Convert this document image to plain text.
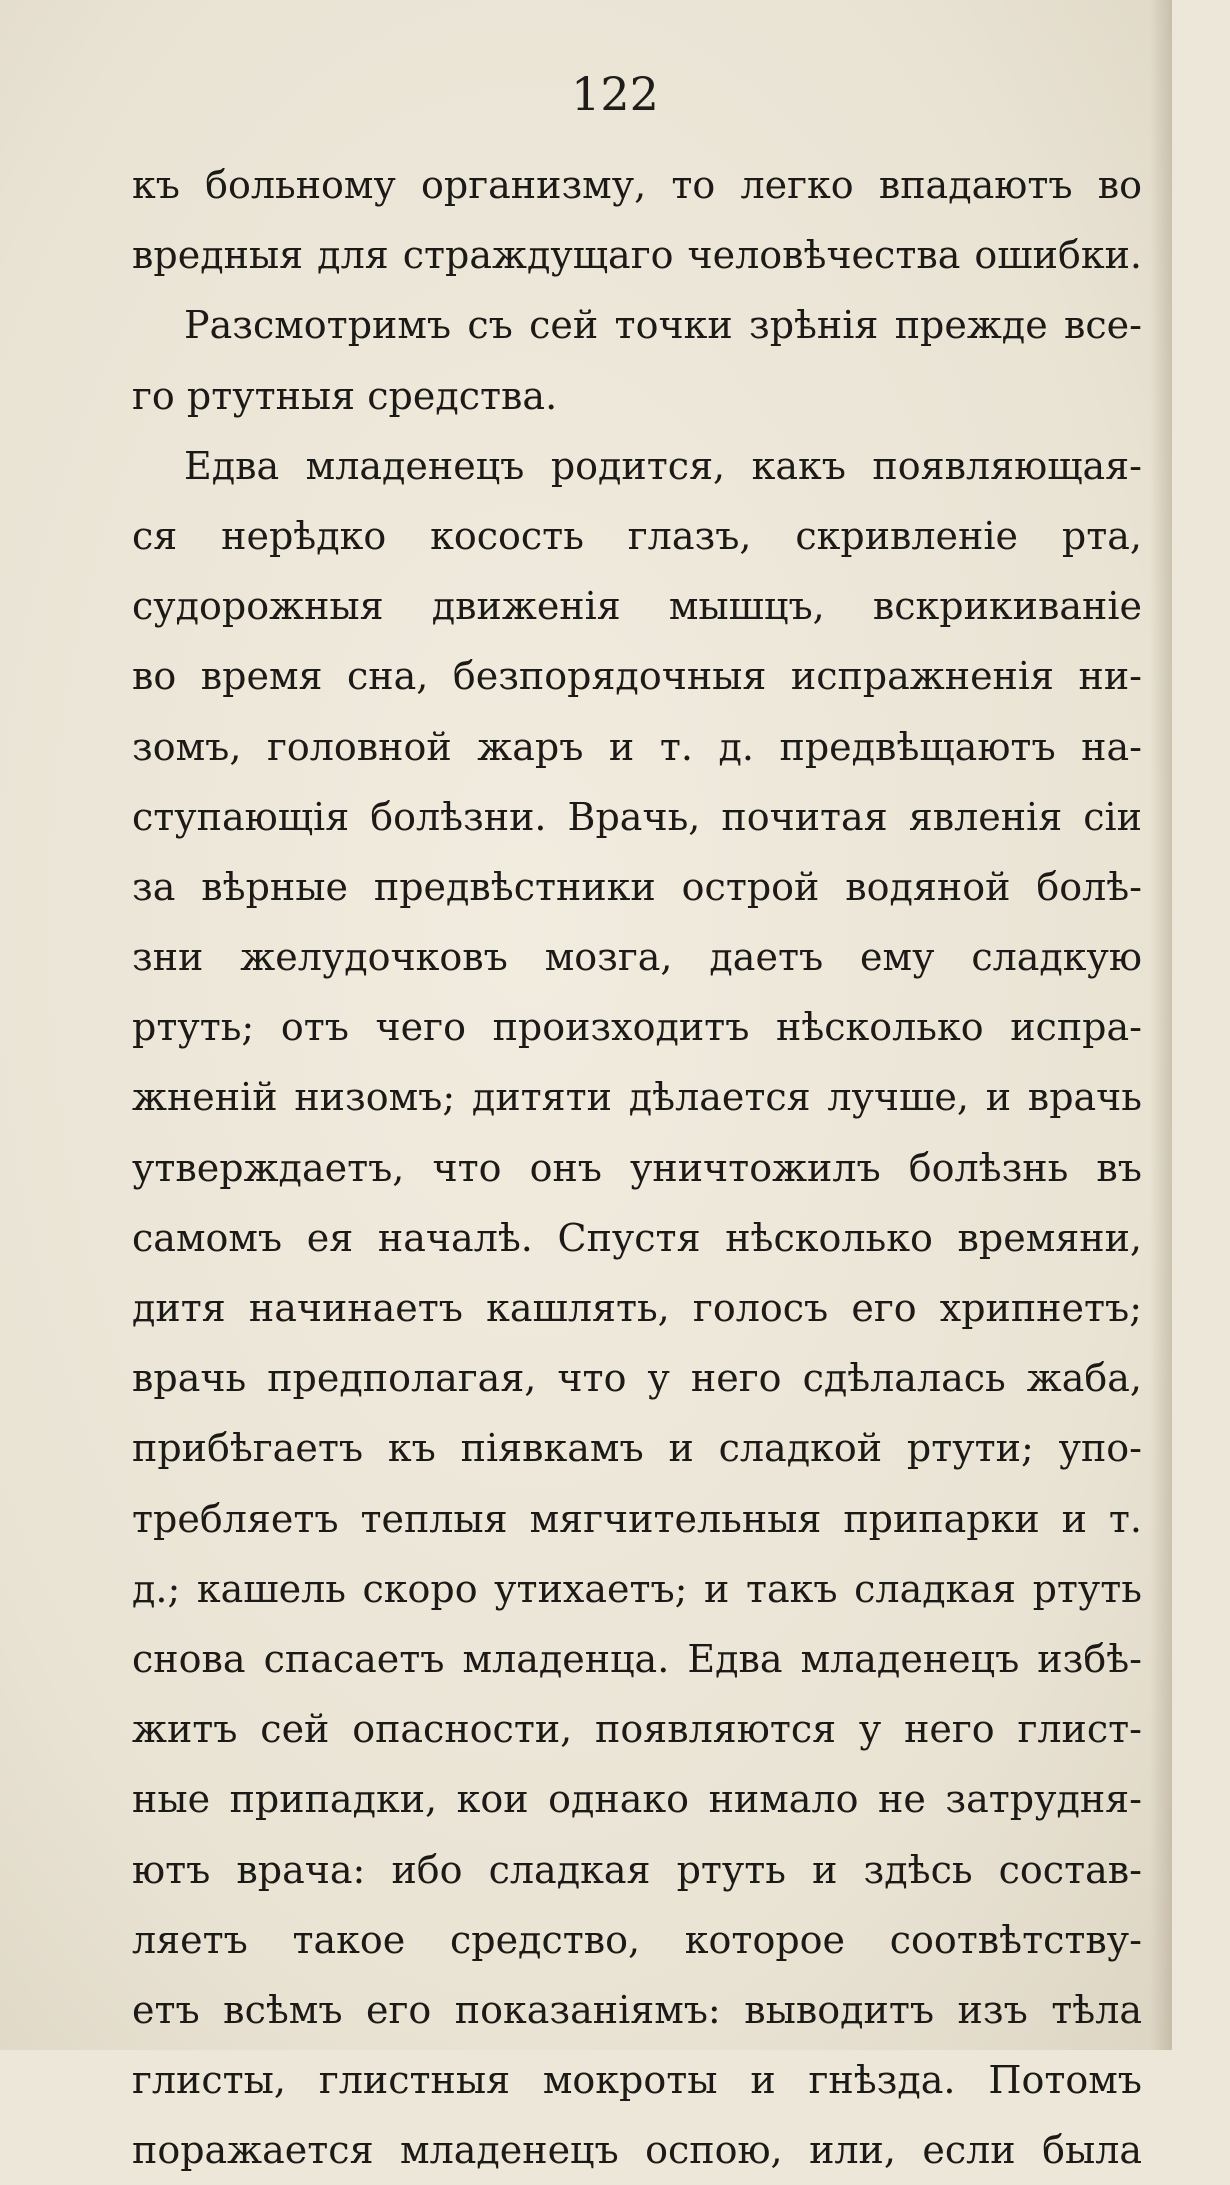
122
къ больному организму, то легко впадаютъ во
вредныя для страждущаго человѣчества ошибки.
Разсмотримъ съ сей точки зрѣнія прежде все-
го ртутныя средства.
Едва младенецъ родится, какъ появляющая-
ся нерѣдко косость глазъ, скривленіе рта,
судорожныя движенія мышцъ, вскрикиваніе
во время сна, безпорядочныя испражненія ни-
зомъ, головной жаръ и т. д. предвѣщаютъ на-
ступающія болѣзни. Врачь, почитая явленія сіи
за вѣрные предвѣстники острой водяной болѣ-
зни желудочковъ мозга, даетъ ему сладкую
ртуть; отъ чего произходитъ нѣсколько испра-
жненій низомъ; дитяти дѣлается лучше, и врачь
утверждаетъ, что онъ уничтожилъ болѣзнь въ
самомъ ея началѣ. Спустя нѣсколько времяни,
дитя начинаетъ кашлять, голосъ его хрипнетъ;
врачь предполагая, что у него сдѣлалась жаба,
прибѣгаетъ къ піявкамъ и сладкой ртути; упо-
требляетъ теплыя мягчительныя припарки и т.
д.; кашель скоро утихаетъ; и такъ сладкая ртуть
снова спасаетъ младенца. Едва младенецъ избѣ-
житъ сей опасности, появляются у него глист-
ные припадки, кои однако нимало не затрудня-
ютъ врача: ибо сладкая ртуть и здѣсь состав-
ляетъ такое средство, которое соотвѣтству-
етъ всѣмъ его показаніямъ: выводитъ изъ тѣла
глисты, глистныя мокроты и гнѣзда. Потомъ
поражается младенецъ оспою, или, если была
